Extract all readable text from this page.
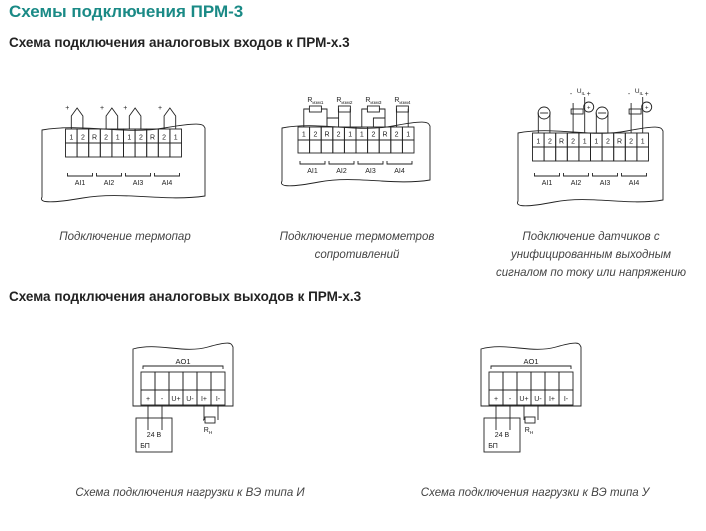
Схемы подключения ПРМ-3
Схема подключения аналоговых входов к ПРМ-х.3
Схема подключения аналоговых выходов к ПРМ-х.3
1 2 R 2 1 1 2 R 2 1
AI1	AI2	AI3	AI4
+	+	+	+
1 2 R 2 1 1 2 R 2 1
AI1	AI2	AI3	AI4
$R_{изм1}$ $R_{изм2}$ $R_{изм3}$ $R_{изм4}$
1 2 R 2 1 1 2 R 2 1
AI1	AI2	AI3	AI4
+
$U_{IL}$
- +
+
$U_{IL}$
- +
AO1
+ - U+ U- I+ I-
24 В
БП
$R_Н$
AO1
+ - U+ U- I+ I-
24 В
БП
$R_Н$
Подключение термопар	Подключение термометров
сопротивлений
Подключение датчиков с
унифицированным выходным
сигналом по току или напряжению
Схема подключения нагрузки к ВЭ типа И	Схема подключения нагрузки к ВЭ типа У
